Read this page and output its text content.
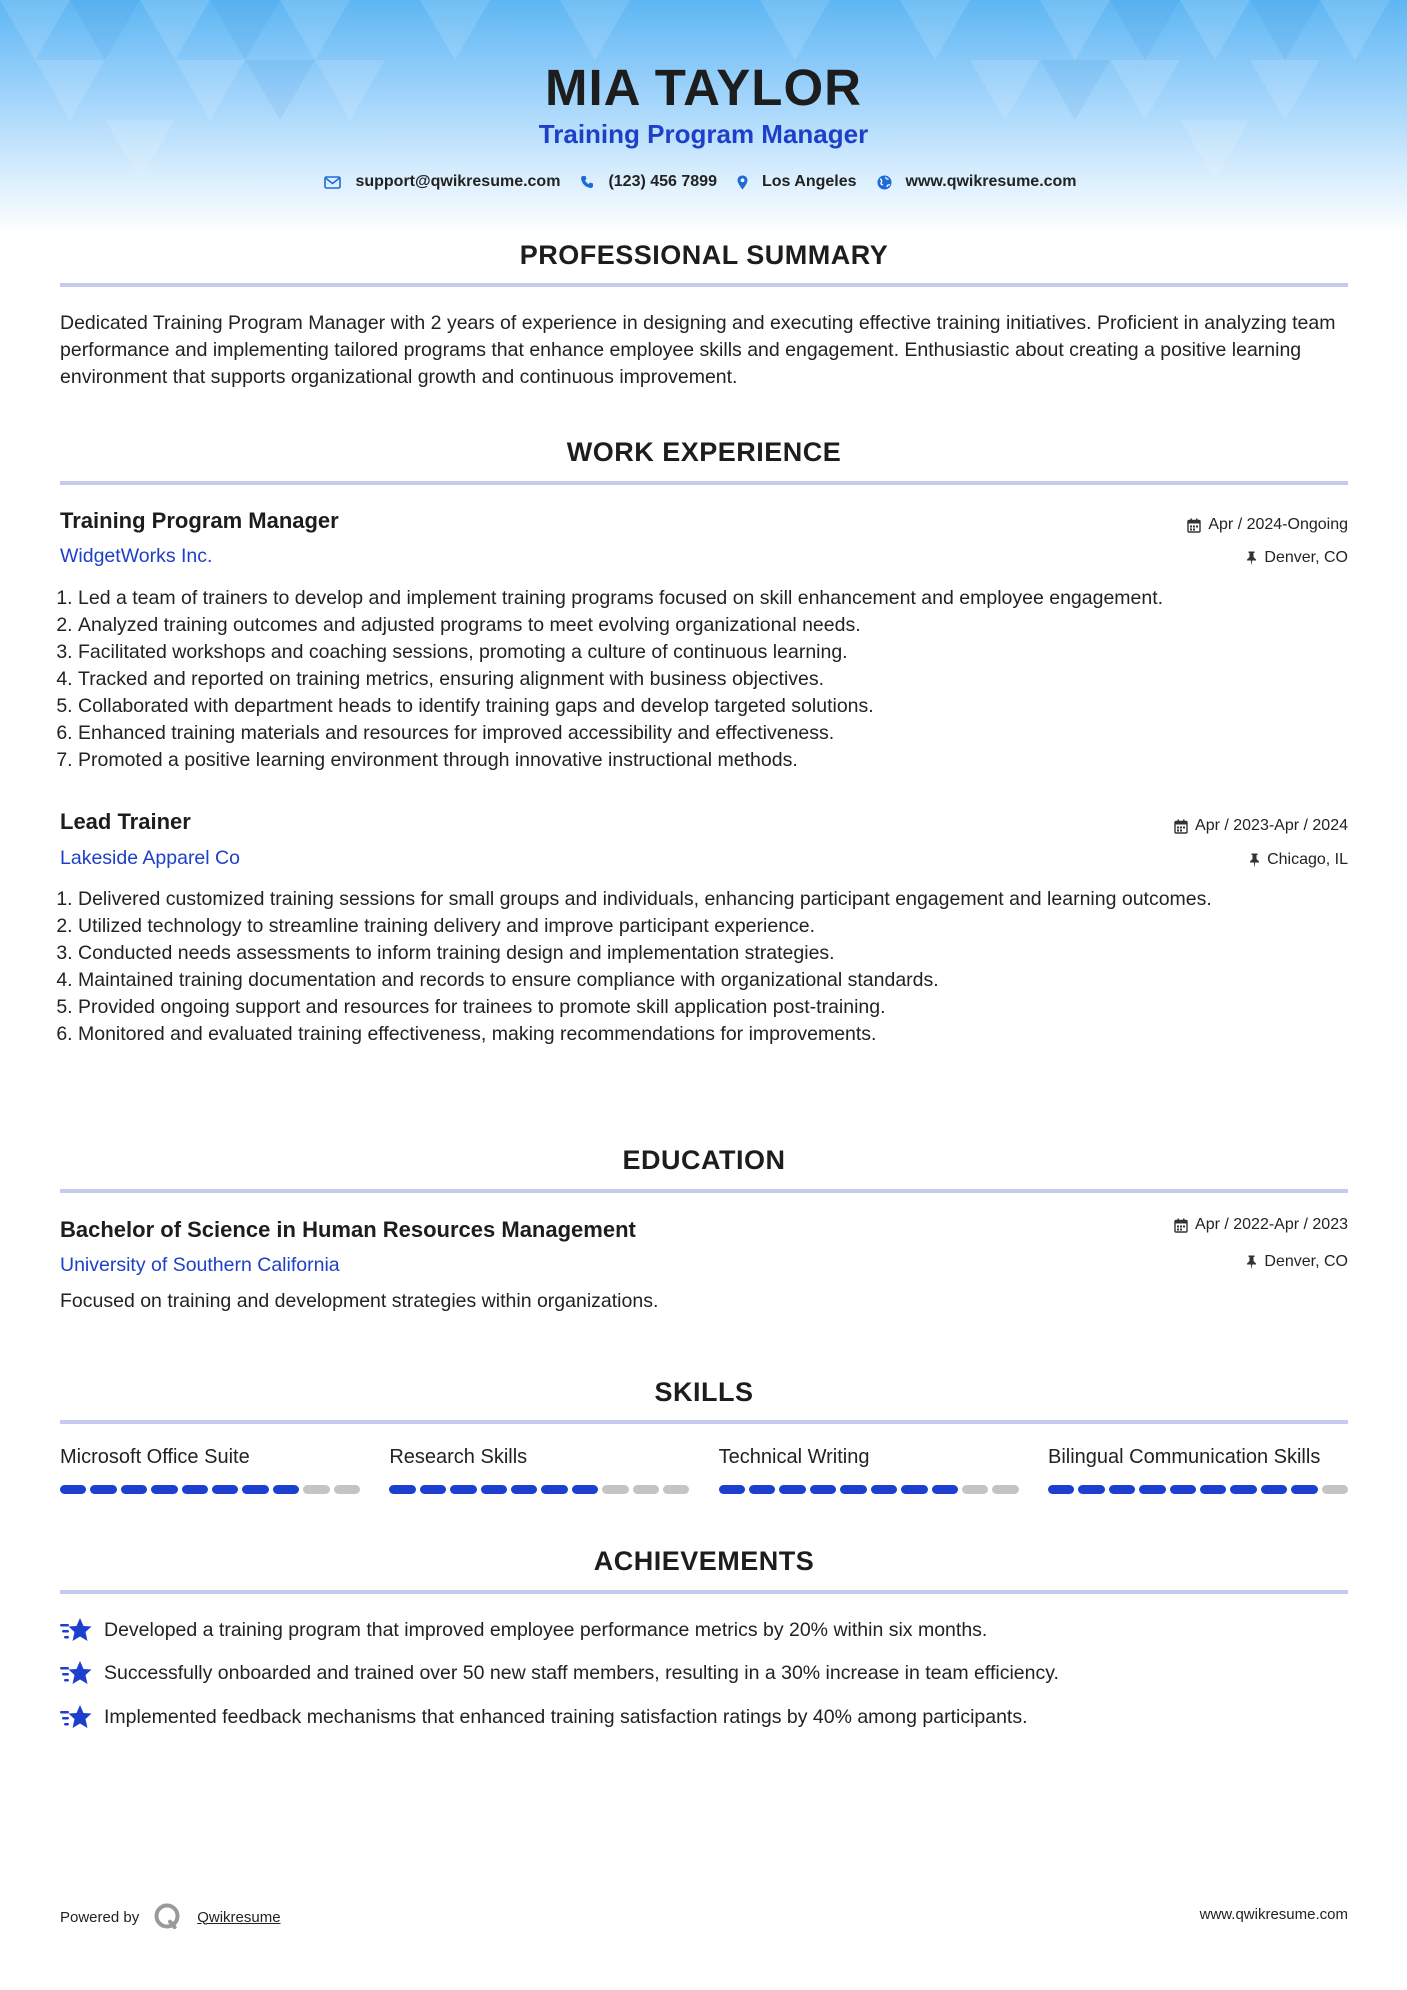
MIA TAYLOR
Training Program Manager
support@qwikresume.com	(123) 456 7899	Los Angeles	www.qwikresume.com
PROFESSIONAL SUMMARY
Dedicated Training Program Manager with 2 years of experience in designing and executing effective training initiatives. Proficient in analyzing team performance and implementing tailored programs that enhance employee skills and engagement. Enthusiastic about creating a positive learning environment that supports organizational growth and continuous improvement.
WORK EXPERIENCE
Training Program Manager	Apr / 2024-Ongoing
WidgetWorks Inc.	Denver, CO
1. Led a team of trainers to develop and implement training programs focused on skill enhancement and employee engagement.
2. Analyzed training outcomes and adjusted programs to meet evolving organizational needs.
3. Facilitated workshops and coaching sessions, promoting a culture of continuous learning.
4. Tracked and reported on training metrics, ensuring alignment with business objectives.
5. Collaborated with department heads to identify training gaps and develop targeted solutions.
6. Enhanced training materials and resources for improved accessibility and effectiveness.
7. Promoted a positive learning environment through innovative instructional methods.
Lead Trainer	Apr / 2023-Apr / 2024
Lakeside Apparel Co	Chicago, IL
1. Delivered customized training sessions for small groups and individuals, enhancing participant engagement and learning outcomes.
2. Utilized technology to streamline training delivery and improve participant experience.
3. Conducted needs assessments to inform training design and implementation strategies.
4. Maintained training documentation and records to ensure compliance with organizational standards.
5. Provided ongoing support and resources for trainees to promote skill application post-training.
6. Monitored and evaluated training effectiveness, making recommendations for improvements.
EDUCATION
Bachelor of Science in Human Resources Management	Apr / 2022-Apr / 2023
University of Southern California	Denver, CO
Focused on training and development strategies within organizations.
SKILLS
Microsoft Office Suite	Research Skills	Technical Writing	Bilingual Communication Skills
ACHIEVEMENTS
Developed a training program that improved employee performance metrics by 20% within six months.
Successfully onboarded and trained over 50 new staff members, resulting in a 30% increase in team efficiency.
Implemented feedback mechanisms that enhanced training satisfaction ratings by 40% among participants.
Powered by	Qwikresume	www.qwikresume.com
